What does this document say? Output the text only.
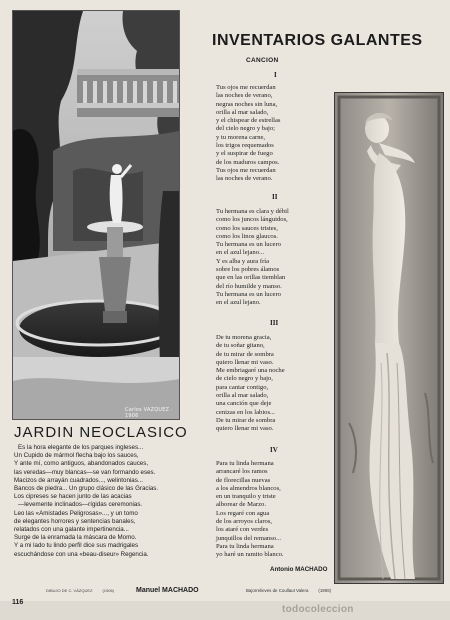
Carlos VAZQUEZ · 1906
JARDIN NEOCLASICO
Es la hora elegante de los parques ingleses...
Un Cupido de mármol flecha bajo los sauces,
Y ante mí, como antiguos, abandonados cauces,
las veredas—muy blancas—se van formando eses.
Macizos de arrayán cuadrados..., welintonias...
Bancos de piedra... Un grupo clásico de las Gracias.
Los cipreses se hacen junto de las acacias
—levemente inclinados—rígidas ceremonias.
Leo las «Amistades Peligrosas»..., y un tomo
de elegantes horrores y sentencias banales,
relatados con una galante impertinencia...
Surge de la enramada la máscara de Momo.
Y a mi lado tu lindo perfil dice sus madrigales
escuchándose con una «beau-diseur» Regencia.
DIBUJO DE C. VÁZQUEZ	(1906)	Manuel MACHADO
116
INVENTARIOS GALANTES
CANCION
I
Tus ojos me recuerdan
las noches de verano,
negras noches sin luna,
orilla al mar salado,
y el chispear de estrellas
del cielo negro y bajo;
y tu morena carne,
los trigos requemados
y el suspirar de fuego
de los maduros campos.
Tus ojos me recuerdan
las noches de verano.
II
Tu hermana es clara y débil
como los juncos lánguidos,
como los sauces tristes,
como los linos glaucos.
Tu hermana es un lucero
en el azul lejano...
Y es alba y aura fría
sobre los pobres álamos
que en las orillas tiemblan
del río humilde y manso.
Tu hermana es un lucero
en el azul lejano.
III
De tu morena gracia,
de tu soñar gitano,
de tu mirar de sombra
quiero llenar mi vaso.
Me embriagaré una noche
de cielo negro y bajo,
para cantar contigo,
orilla al mar salado,
una canción que deje
cenizas en los labios...
De tu mirar de sombra
quiero llenar mi vaso.
IV
Para tu linda hermana
arrancaré los ramos
de florecillas nuevas
a los almendros blancos,
en un tranquilo y triste
alborear de Marzo.
Los regaré con agua
de los arroyos claros,
los ataré con verdes
junquillos del remanso...
Para tu linda hermana
yo haré un ramito blanco.
Antonio MACHADO
Bajorrelieves de Coullaut Valera (1906)
todocoleccion
